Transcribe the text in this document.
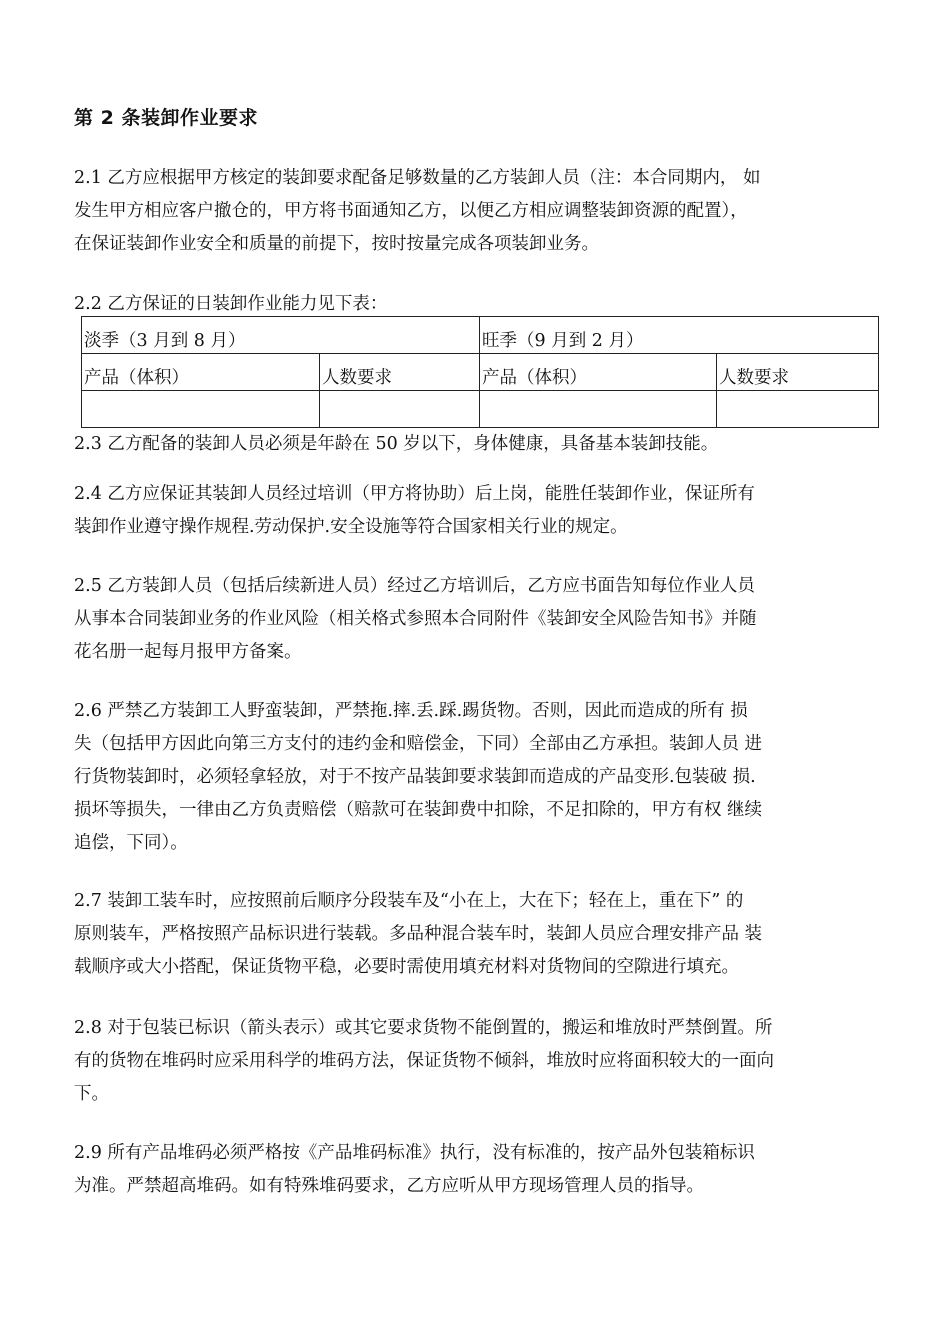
第 2 条装卸作业要求
2.1 乙方应根据甲方核定的装卸要求配备足够数量的乙方装卸人员（注：本合同期内， 如
发生甲方相应客户撤仓的，甲方将书面通知乙方，以便乙方相应调整装卸资源的配置），
在保证装卸作业安全和质量的前提下，按时按量完成各项装卸业务。
2.2 乙方保证的日装卸作业能力见下表：
淡季（3 月到 8 月）		旺季（9 月到 2 月）	
产品（体积）	人数要求	产品（体积）	人数要求

2.3 乙方配备的装卸人员必须是年龄在 50 岁以下，身体健康，具备基本装卸技能。
2.4 乙方应保证其装卸人员经过培训（甲方将协助）后上岗，能胜任装卸作业，保证所有
装卸作业遵守操作规程.劳动保护.安全设施等符合国家相关行业的规定。
2.5 乙方装卸人员（包括后续新进人员）经过乙方培训后，乙方应书面告知每位作业人员
从事本合同装卸业务的作业风险（相关格式参照本合同附件《装卸安全风险告知书》并随
花名册一起每月报甲方备案。
2.6 严禁乙方装卸工人野蛮装卸，严禁拖.摔.丢.踩.踢货物。否则，因此而造成的所有 损
失（包括甲方因此向第三方支付的违约金和赔偿金，下同）全部由乙方承担。装卸人员 进
行货物装卸时，必须轻拿轻放，对于不按产品装卸要求装卸而造成的产品变形.包装破 损.
损坏等损失，一律由乙方负责赔偿（赔款可在装卸费中扣除，不足扣除的，甲方有权 继续
追偿，下同）。
2.7 装卸工装车时，应按照前后顺序分段装车及“小在上，大在下；轻在上，重在下” 的
原则装车，严格按照产品标识进行装载。多品种混合装车时，装卸人员应合理安排产品 装
载顺序或大小搭配，保证货物平稳，必要时需使用填充材料对货物间的空隙进行填充。
2.8 对于包装已标识（箭头表示）或其它要求货物不能倒置的，搬运和堆放时严禁倒置。所
有的货物在堆码时应采用科学的堆码方法，保证货物不倾斜，堆放时应将面积较大的一面向
下。
2.9 所有产品堆码必须严格按《产品堆码标准》执行，没有标准的，按产品外包装箱标识
为准。严禁超高堆码。如有特殊堆码要求，乙方应听从甲方现场管理人员的指导。
